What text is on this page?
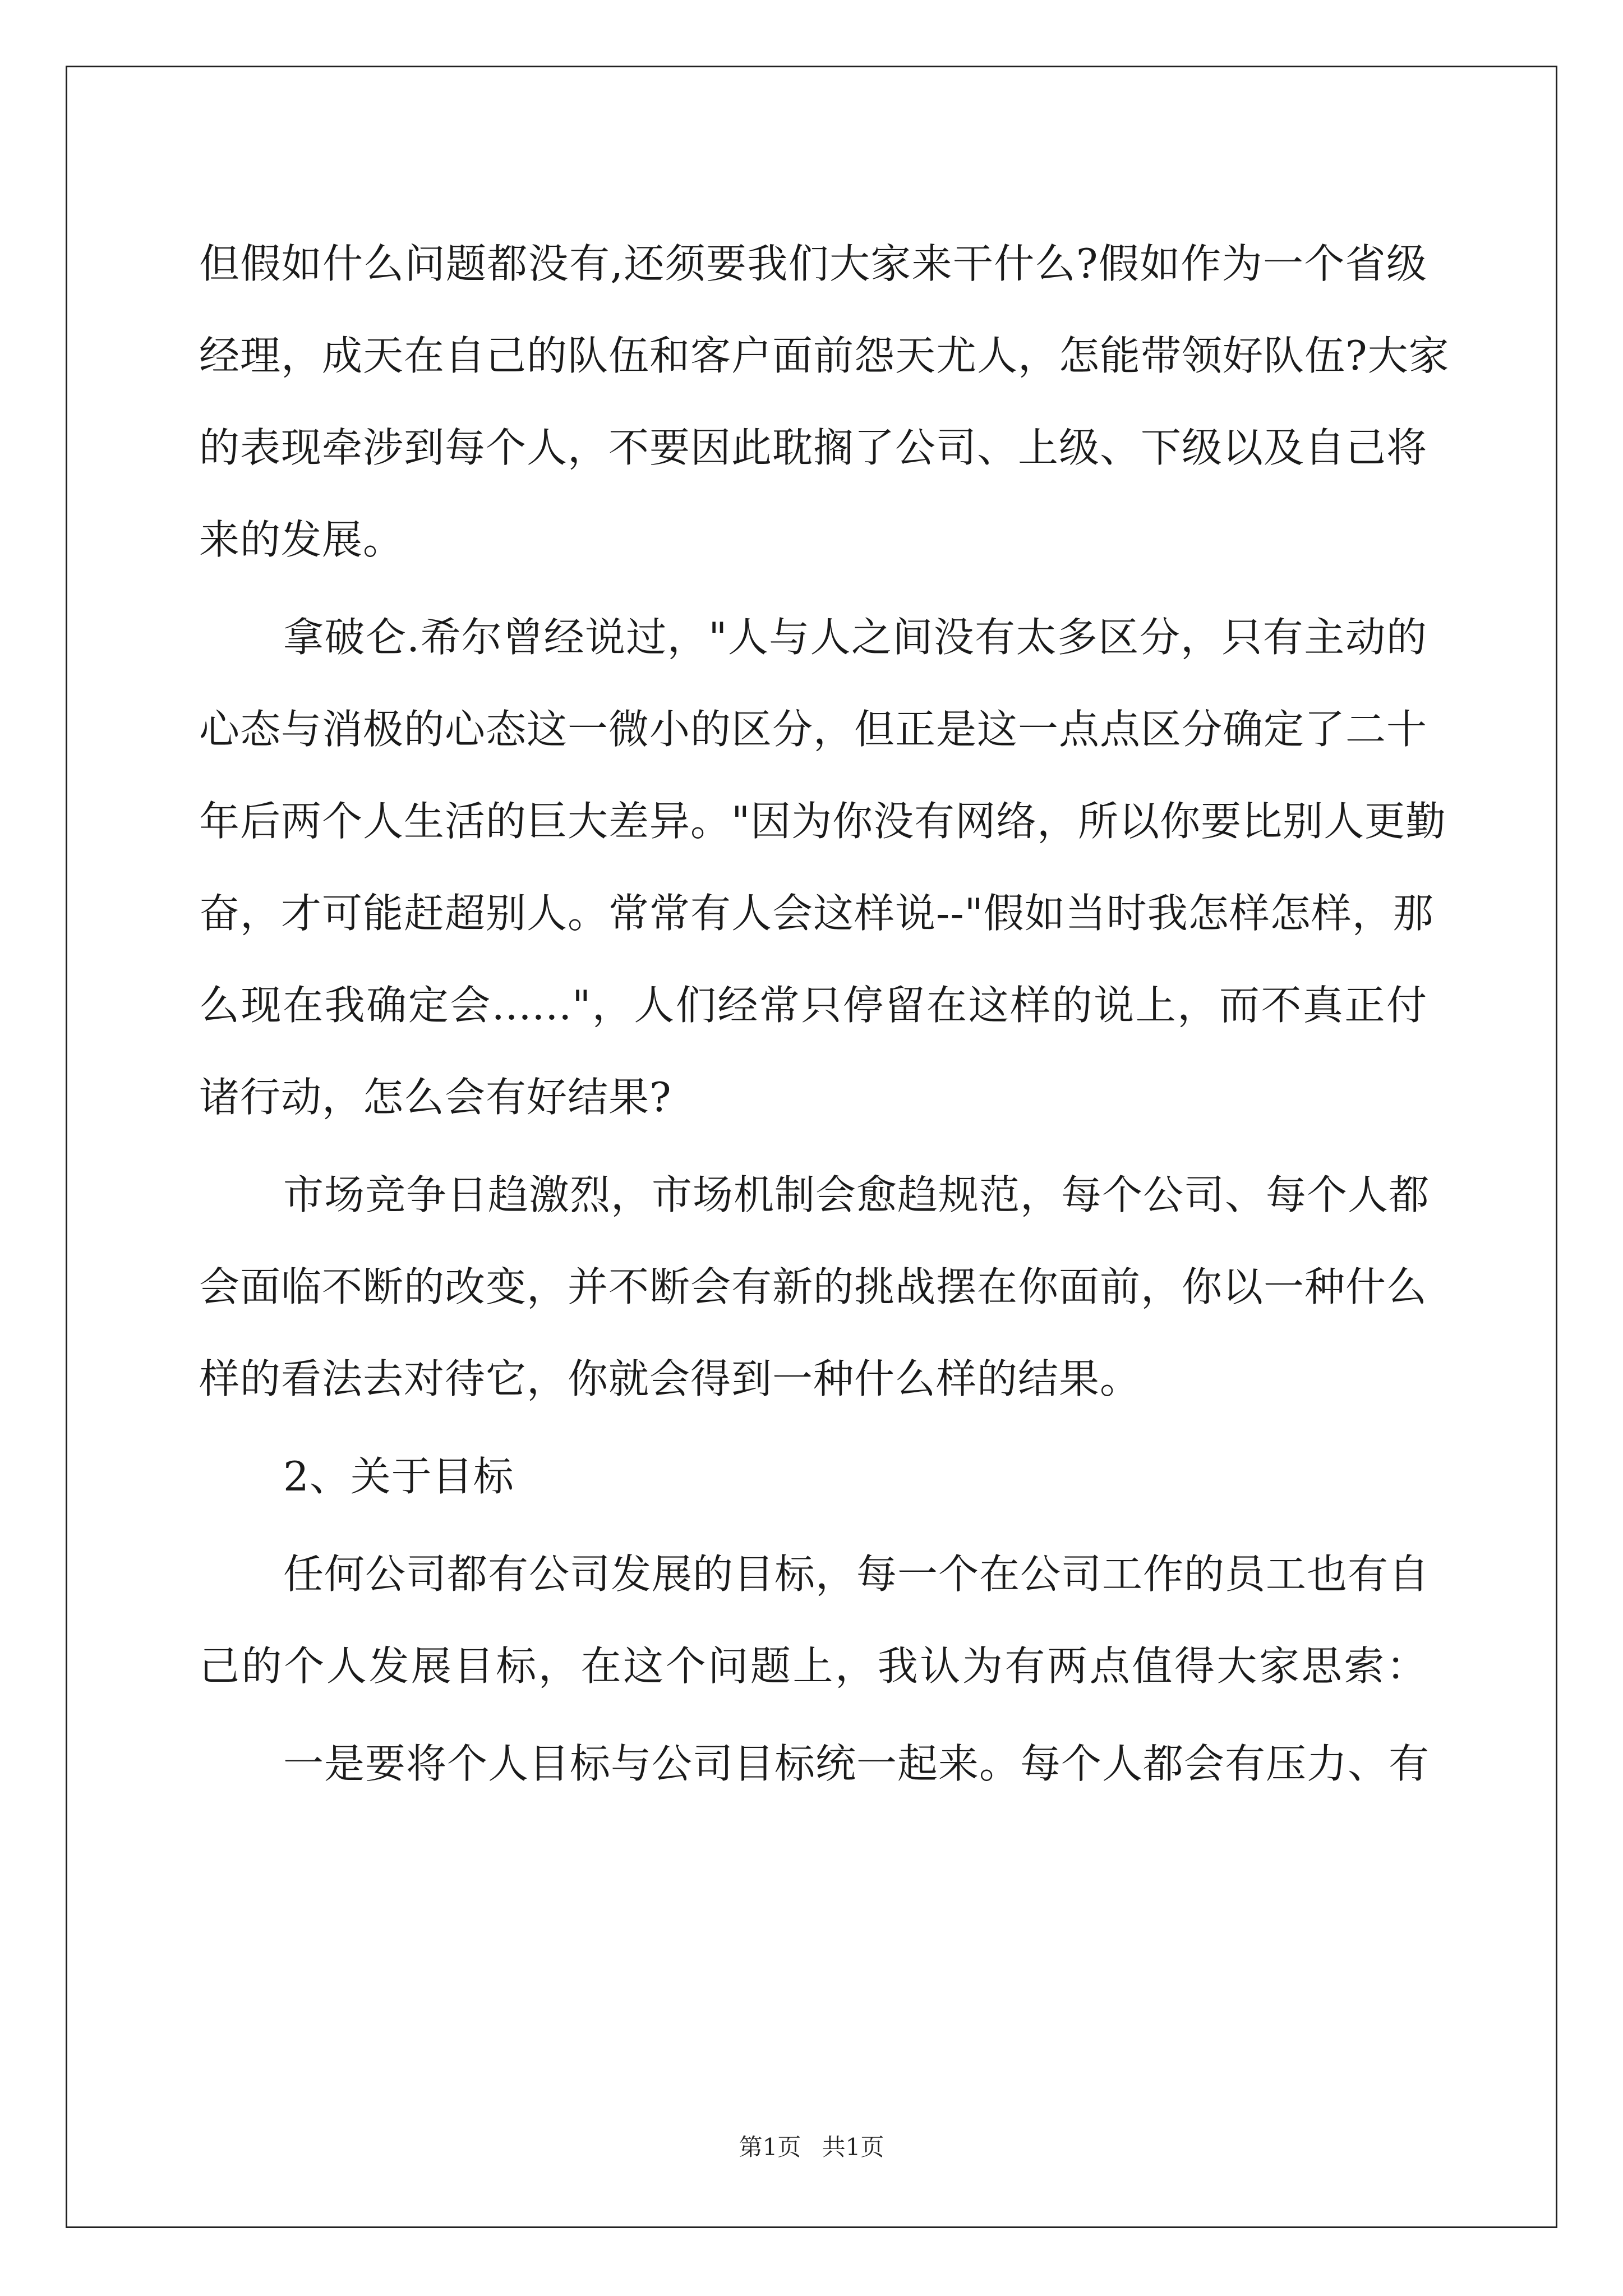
但假如什么问题都没有,还须要我们大家来干什么?假如作为一个省级
经理，成天在自己的队伍和客户面前怨天尤人，怎能带领好队伍?大家
的表现牵涉到每个人，不要因此耽搁了公司、上级、下级以及自己将
来的发展。
拿破仑.希尔曾经说过，"人与人之间没有太多区分，只有主动的
心态与消极的心态这一微小的区分，但正是这一点点区分确定了二十
年后两个人生活的巨大差异。"因为你没有网络，所以你要比别人更勤
奋，才可能赶超别人。常常有人会这样说--"假如当时我怎样怎样，那
么现在我确定会......"，人们经常只停留在这样的说上，而不真正付
诸行动，怎么会有好结果?
市场竞争日趋激烈，市场机制会愈趋规范，每个公司、每个人都
会面临不断的改变，并不断会有新的挑战摆在你面前，你以一种什么
样的看法去对待它，你就会得到一种什么样的结果。
2、关于目标
任何公司都有公司发展的目标，每一个在公司工作的员工也有自
己的个人发展目标，在这个问题上，我认为有两点值得大家思索：
一是要将个人目标与公司目标统一起来。每个人都会有压力、有
第1页 共1页
